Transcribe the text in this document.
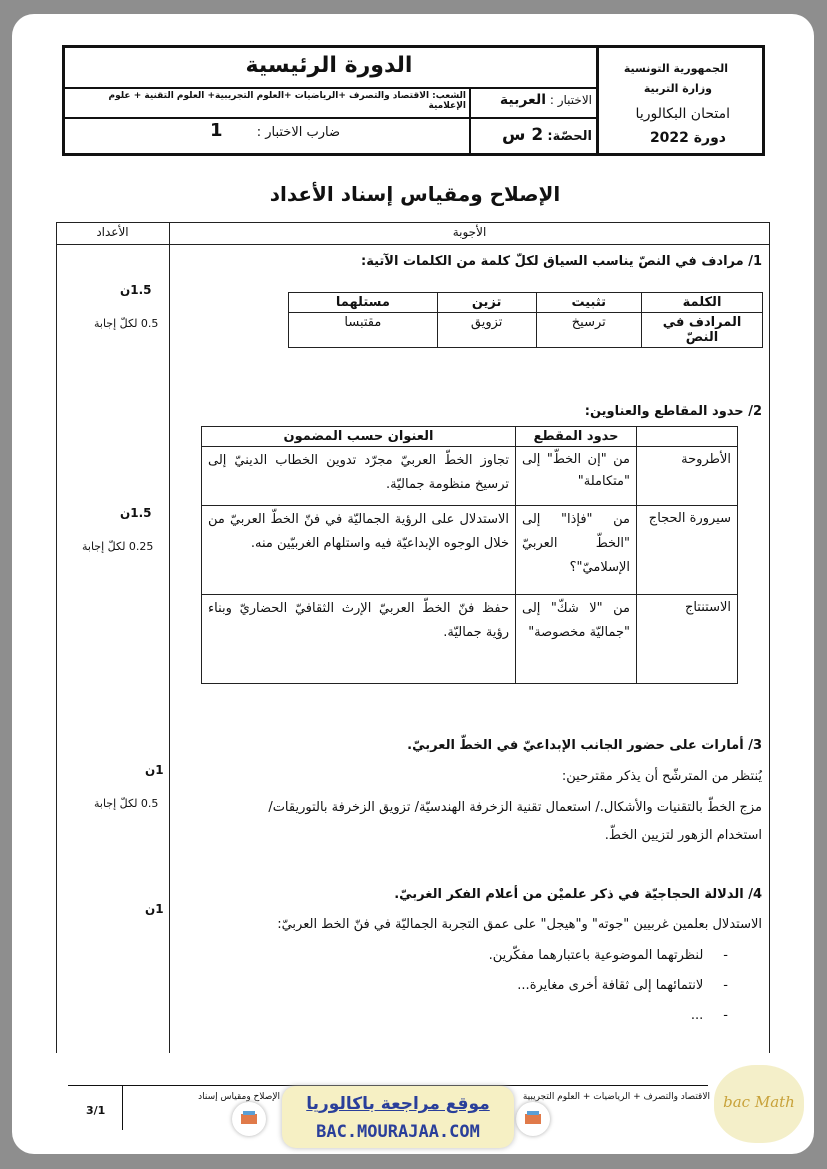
الدورة الرئيسية
الشعب: الاقتصاد والتصرف +الرياضيات +العلوم التجريبية+ العلوم التقنية + علوم الإعلامية	الاختبار : العربية
الحصّة: 2 س
ضارب الاختبار :
1
الجمهورية التونسية
وزارة التربية
امتحان البكالوريا
دورة 2022
الإصلاح ومقياس إسناد الأعداد
الأعداد	الأجوبة
1/ مرادف في النصّ يناسب السياق لكلّ كلمة من الكلمات الآتية:
الكلمة	تثبيت	تزين	مستلهما
المرادف في النصّ	ترسيخ	تزويق	مقتبسا
1.5ن
0.5 لكلّ إجابة
2/ حدود المقاطع والعناوين:
	حدود المقطع	العنوان حسب المضمون
الأطروحة	من "إن الخطّ" إلى "متكاملة"	تجاوز الخطّ العربيّ مجرّد تدوين الخطاب الدينيّ إلى ترسيخ منظومة جماليّة.
سيرورة الحجاج	من "فإذا" إلى "الخطّ العربيّ الإسلاميّ"؟	الاستدلال على الرؤية الجماليّة في فنّ الخطّ العربيّ من خلال الوجوه الإبداعيّة فيه واستلهام الغربيّين منه.
الاستنتاج	من "لا شكّ" إلى "جماليّة مخصوصة"	حفظ فنّ الخطّ العربيّ الإرث الثقافيّ الحضاريّ وبناء رؤية جماليّة.
1.5ن
0.25 لكلّ إجابة
3/ أمارات على حضور الجانب الإبداعيّ في الخطّ العربيّ.
يُنتظر من المترشّح أن يذكر مقترحين:
مزج الخطّ بالتقنيات والأشكال./ استعمال تقنية الزخرفة الهندسيّة/ تزويق الزخرفة بالتوريقات/
استخدام الزهور لتزيين الخطّ.
1ن
0.5 لكلّ إجابة
4/ الدلالة الحجاجيّة في ذكر علميْن من أعلام الفكر الغربيّ.
الاستدلال بعلمين غربيين "جوته" و"هيجل" على عمق التجربة الجماليّة في فنّ الخط العربيّ:
-لنظرتهما الموضوعية باعتبارهما مفكّرين.
-لانتمائهما إلى ثقافة أخرى مغايرة...
-...
1ن
3/1
الإصلاح ومقياس إسناد	الاقتصاد والتصرف + الرياضيات + العلوم التجريبية
موقع مراجعة باكالوريا
BAC.MOURAJAA.COM
bac Math
